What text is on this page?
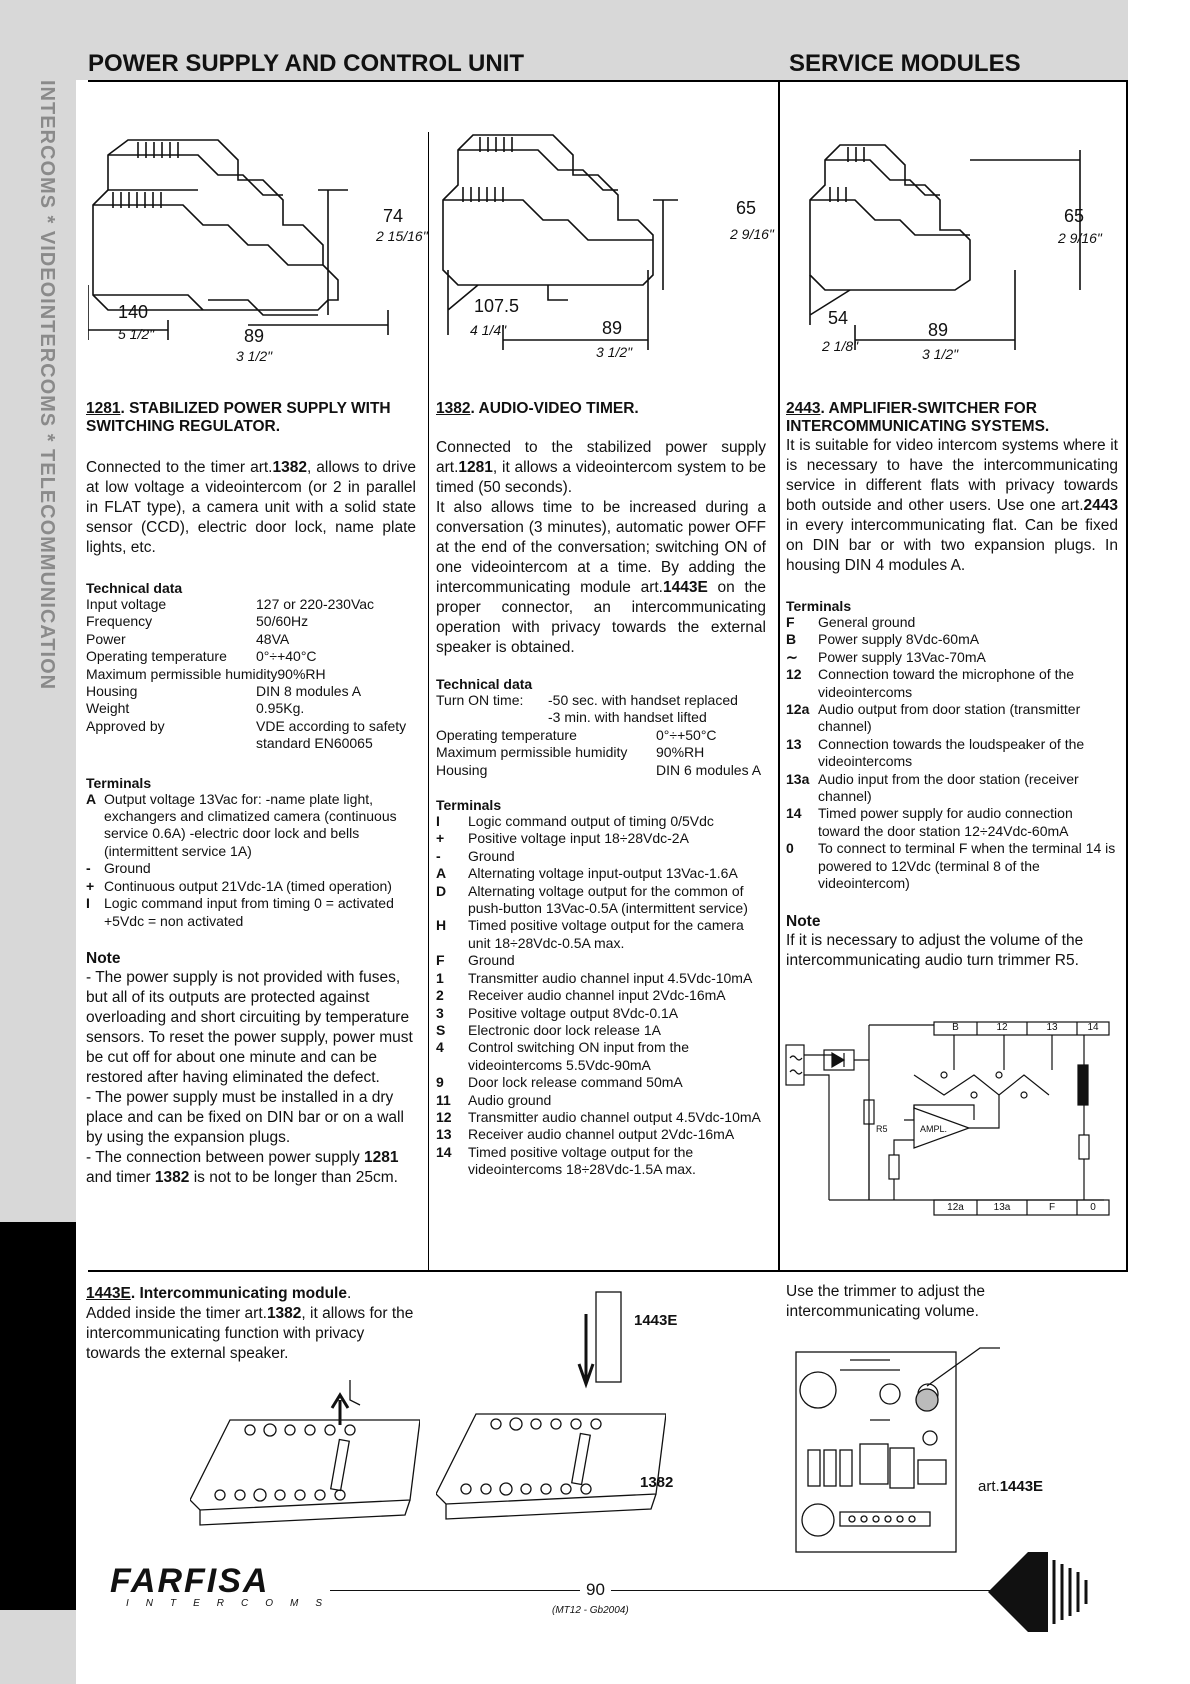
INTERCOMS * VIDEOINTERCOMS * TELECOMMUNICATION
POWER SUPPLY AND CONTROL UNIT	SERVICE MODULES
74
2 15/16"
140
5 1/2"	89
3 1/2"
65
2 9/16"
107.5
4 1/4"	89
3 1/2"
65
2 9/16"
54
2 1/8"
89
3 1/2"
1281. STABILIZED POWER SUPPLY WITH SWITCHING REGULATOR.
Connected to the timer art.1382, allows to drive at low voltage a videointercom (or 2 in parallel in FLAT type), a camera unit with a solid state sensor (CCD), electric door lock, name plate lights, etc.
Technical data
Input voltage	127 or 220-230Vac
Frequency	50/60Hz
Power	48VA
Operating temperature 0°÷+40°C
Maximum permissible humidity 90%RH
Housing	DIN 8 modules A
Weight	0.95Kg.
Approved by	VDE according to safety standard EN60065
Terminals
A Output voltage 13Vac for: -name plate light, exchangers and climatized camera (continuous service 0.6A) -electric door lock and bells (intermittent service 1A)
- Ground
+ Continuous output 21Vdc-1A (timed operation)
I	Logic command input from timing 0 = activated +5Vdc = non activated
Note
- The power supply is not provided with fuses, but all of its outputs are protected against overloading and short circuiting by temperature sensors. To reset the power supply, power must be cut off for about one minute and can be restored after having eliminated the defect.
- The power supply must be installed in a dry place and can be fixed on DIN bar or on a wall by using the expansion plugs.
- The connection between power supply 1281 and timer 1382 is not to be longer than 25cm.
1382. AUDIO-VIDEO TIMER.
Connected to the stabilized power supply art.1281, it allows a videointercom system to be timed (50 seconds).
It also allows time to be increased during a conversation (3 minutes), automatic power OFF at the end of the conversation; switching ON of one videointercom at a time. By adding the intercommunicating module art.1443E on the proper connector, an intercommunicating operation with privacy towards the external speaker is obtained.
Technical data
Turn ON time:	-50 sec. with handset replaced
-3 min. with handset lifted
Operating temperature	0°÷+50°C
Maximum permissible humidity 90%RH
Housing	DIN 6 modules A
Terminals
I	Logic command output of timing 0/5Vdc
+	Positive voltage input 18÷28Vdc-2A
-	Ground
A	Alternating voltage input-output 13Vac-1.6A
D	Alternating voltage output for the common of push-button 13Vac-0.5A (intermittent service)
H	Timed positive voltage output for the camera unit 18÷28Vdc-0.5A max.
F	Ground
1	Transmitter audio channel input 4.5Vdc-10mA
2	Receiver audio channel input 2Vdc-16mA
3	Positive voltage output 8Vdc-0.1A
S	Electronic door lock release 1A
4	Control switching ON input from the videointercoms 5.5Vdc-90mA
9	Door lock release command 50mA
11	Audio ground
12	Transmitter audio channel output 4.5Vdc-10mA
13	Receiver audio channel output 2Vdc-16mA
14	Timed positive voltage output for the videointercoms 18÷28Vdc-1.5A max.
2443. AMPLIFIER-SWITCHER FOR INTERCOMMUNICATING SYSTEMS.
It is suitable for video intercom systems where it is necessary to have the intercommunicating service in different flats with privacy towards both outside and other users. Use one art.2443 in every intercommunicating flat. Can be fixed on DIN bar or with two expansion plugs. In housing DIN 4 modules A.
Terminals
F	General ground
B	Power supply 8Vdc-60mA
∼	Power supply 13Vac-70mA
12	Connection toward the microphone of the videointercoms
12a Audio output from door station (transmitter channel)
13	Connection towards the loudspeaker of the videointercoms
13a Audio input from the door station (receiver channel)
14	Timed power supply for audio connection toward the door station 12÷24Vdc-60mA
0	To connect to terminal F when the terminal 14 is powered to 12Vdc (terminal 8 of the videointercom)
Note
If it is necessary to adjust the volume of the intercommunicating audio turn trimmer R5.
B	12	13	14
12a	13a	F	0
R5	AMPL.
1443E. Intercommunicating module.
Added inside the timer art.1382, it allows for the intercommunicating function with privacy towards the external speaker.
1443E
1382
Use the trimmer to adjust the intercommunicating volume.
art.1443E
FARFISA
INTERCOMS
90
(MT12 - Gb2004)
